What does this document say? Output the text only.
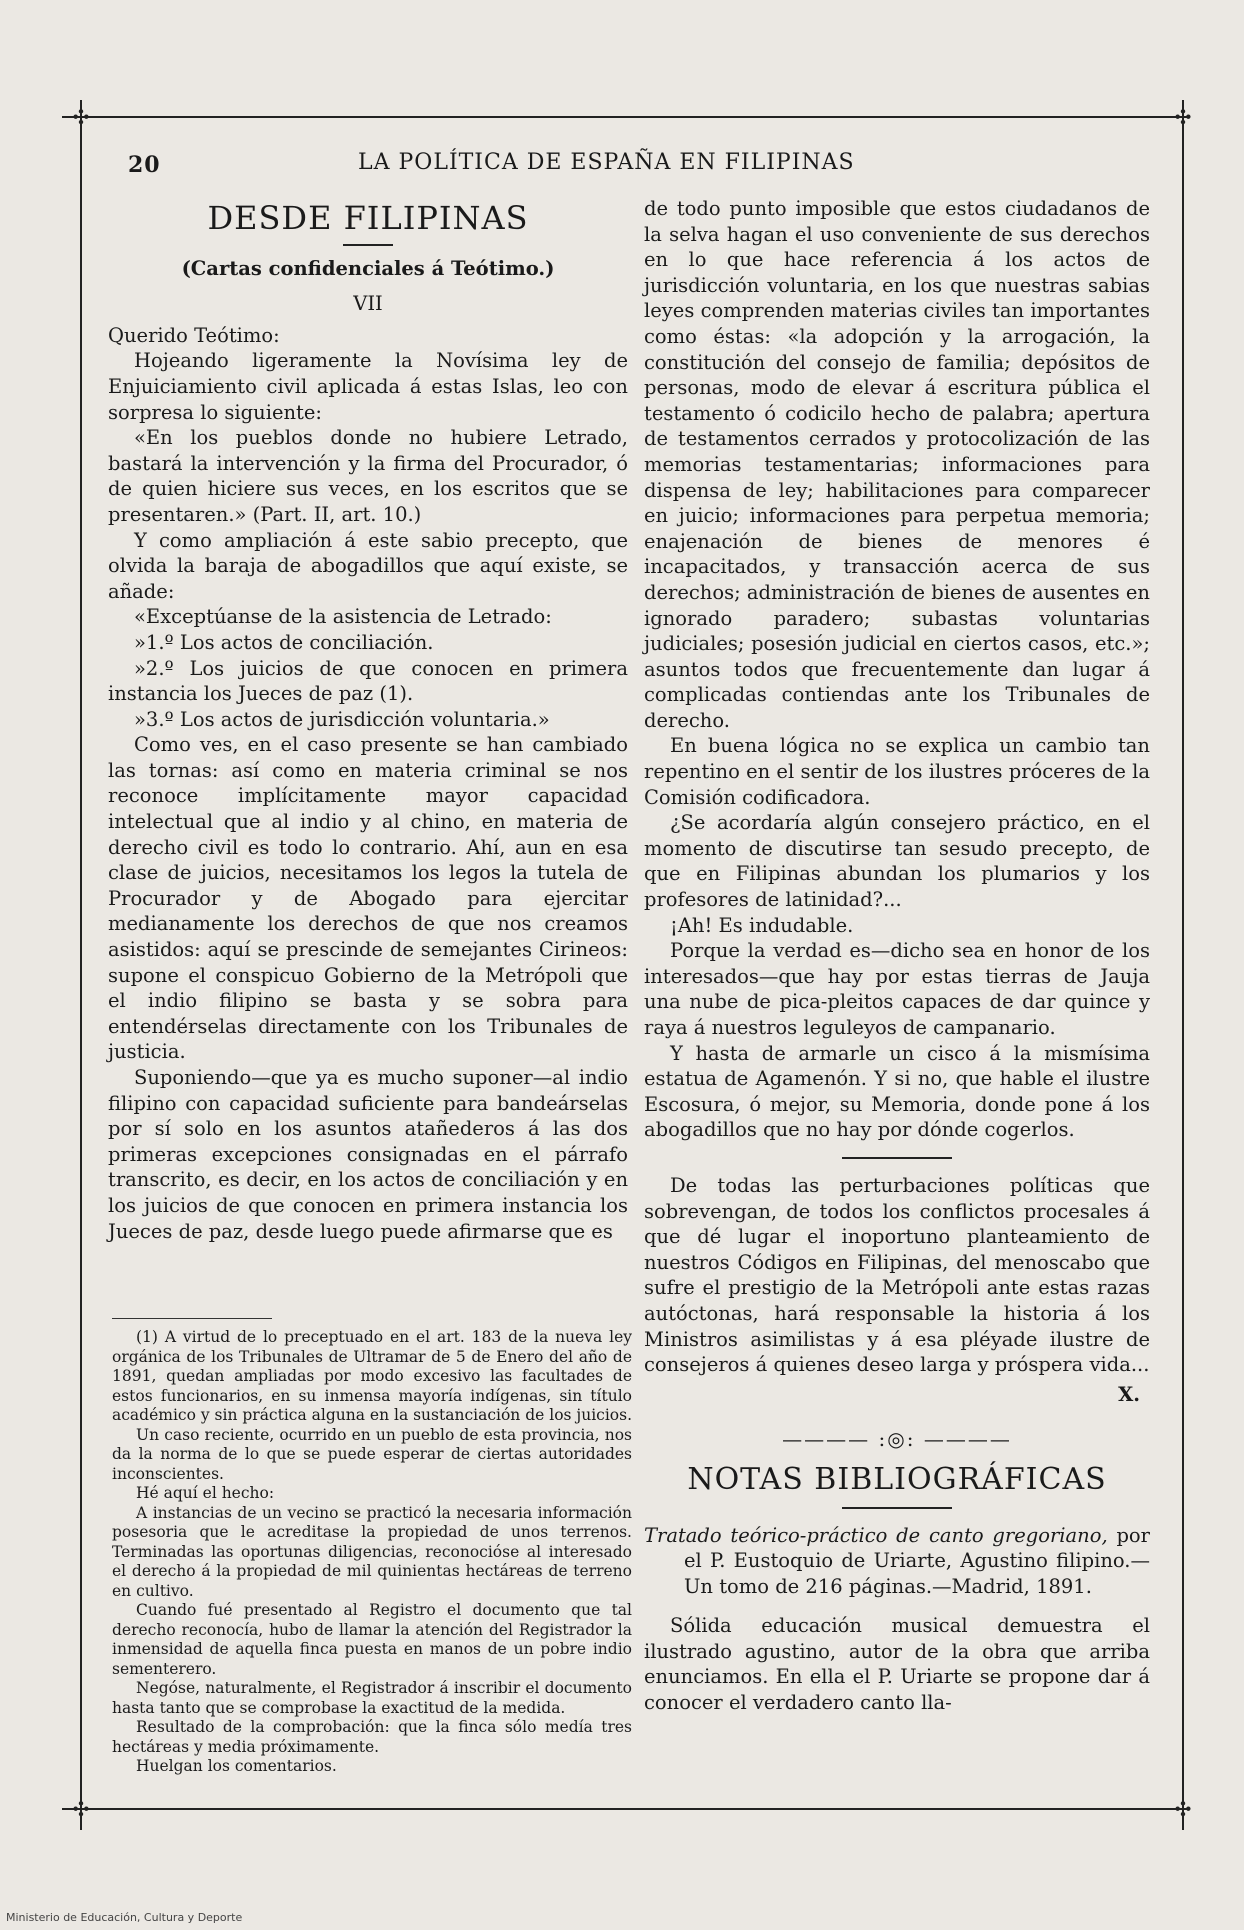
✣	✣
✣	✣
20	LA POLÍTICA DE ESPAÑA EN FILIPINAS
DESDE FILIPINAS
(Cartas confidenciales á Teótimo.)
VII

Querido Teótimo:

Hojeando ligeramente la Novísima ley de Enjuiciamiento civil aplicada á estas Islas, leo con sorpresa lo siguiente:

«En los pueblos donde no hubiere Letrado, bastará la intervención y la firma del Procurador, ó de quien hiciere sus veces, en los escritos que se presentaren.» (Part. II, art. 10.)

Y como ampliación á este sabio precepto, que olvida la baraja de abogadillos que aquí existe, se añade:

«Exceptúanse de la asistencia de Letrado:

»1.º Los actos de conciliación.

»2.º Los juicios de que conocen en primera instancia los Jueces de paz (1).

»3.º Los actos de jurisdicción voluntaria.»

Como ves, en el caso presente se han cambiado las tornas: así como en materia criminal se nos reconoce implícitamente mayor capacidad intelectual que al indio y al chino, en materia de derecho civil es todo lo contrario. Ahí, aun en esa clase de juicios, necesitamos los legos la tutela de Procurador y de Abogado para ejercitar medianamente los derechos de que nos creamos asistidos: aquí se prescinde de semejantes Cirineos: supone el conspicuo Gobierno de la Metrópoli que el indio filipino se basta y se sobra para entendérselas directamente con los Tribunales de justicia.

Suponiendo—que ya es mucho suponer—al indio filipino con capacidad suficiente para bandeárselas por sí solo en los asuntos atañederos á las dos primeras excepciones consignadas en el párrafo transcrito, es decir, en los actos de conciliación y en los juicios de que conocen en primera instancia los Jueces de paz, desde luego puede afirmarse que es

(1) A virtud de lo preceptuado en el art. 183 de la nueva ley orgánica de los Tribunales de Ultramar de 5 de Enero del año de 1891, quedan ampliadas por modo excesivo las facultades de estos funcionarios, en su inmensa mayoría indígenas, sin título académico y sin práctica alguna en la sustanciación de los juicios.

Un caso reciente, ocurrido en un pueblo de esta provincia, nos da la norma de lo que se puede esperar de ciertas autoridades inconscientes.

Hé aquí el hecho:

A instancias de un vecino se practicó la necesaria información posesoria que le acreditase la propiedad de unos terrenos. Terminadas las oportunas diligencias, reconocióse al interesado el derecho á la propiedad de mil quinientas hectáreas de terreno en cultivo.

Cuando fué presentado al Registro el documento que tal derecho reconocía, hubo de llamar la atención del Registrador la inmensidad de aquella finca puesta en manos de un pobre indio sementerero.

Negóse, naturalmente, el Registrador á inscribir el documento hasta tanto que se comprobase la exactitud de la medida.

Resultado de la comprobación: que la finca sólo medía tres hectáreas y media próximamente.

Huelgan los comentarios.

de todo punto imposible que estos ciudadanos de la selva hagan el uso conveniente de sus derechos en lo que hace referencia á los actos de jurisdicción voluntaria, en los que nuestras sabias leyes comprenden materias civiles tan importantes como éstas: «la adopción y la arrogación, la constitución del consejo de familia; depósitos de personas, modo de elevar á escritura pública el testamento ó codicilo hecho de palabra; apertura de testamentos cerrados y protocolización de las memorias testamentarias; informaciones para dispensa de ley; habilitaciones para comparecer en juicio; informaciones para perpetua memoria; enajenación de bienes de menores é incapacitados, y transacción acerca de sus derechos; administración de bienes de ausentes en ignorado paradero; subastas voluntarias judiciales; posesión judicial en ciertos casos, etc.»; asuntos todos que frecuentemente dan lugar á complicadas contiendas ante los Tribunales de derecho.

En buena lógica no se explica un cambio tan repentino en el sentir de los ilustres próceres de la Comisión codificadora.

¿Se acordaría algún consejero práctico, en el momento de discutirse tan sesudo precepto, de que en Filipinas abundan los plumarios y los profesores de latinidad?...

¡Ah! Es indudable.

Porque la verdad es—dicho sea en honor de los interesados—que hay por estas tierras de Jauja una nube de pica-pleitos capaces de dar quince y raya á nuestros leguleyos de campanario.

Y hasta de armarle un cisco á la mismísima estatua de Agamenón. Y si no, que hable el ilustre Escosura, ó mejor, su Memoria, donde pone á los abogadillos que no hay por dónde cogerlos.

De todas las perturbaciones políticas que sobrevengan, de todos los conflictos procesales á que dé lugar el inoportuno planteamiento de nuestros Códigos en Filipinas, del menoscabo que sufre el prestigio de la Metrópoli ante estas razas autóctonas, hará responsable la historia á los Ministros asimilistas y á esa pléyade ilustre de consejeros á quienes deseo larga y próspera vida...

X.
———— :◎: ————
NOTAS BIBLIOGRÁFICAS

Tratado teórico-práctico de canto gregoriano, por el P. Eustoquio de Uriarte, Agustino filipino.—Un tomo de 216 páginas.—Madrid, 1891.

Sólida educación musical demuestra el ilustrado agustino, autor de la obra que arriba enunciamos. En ella el P. Uriarte se propone dar á conocer el verdadero canto lla-

Ministerio de Educación, Cultura y Deporte
